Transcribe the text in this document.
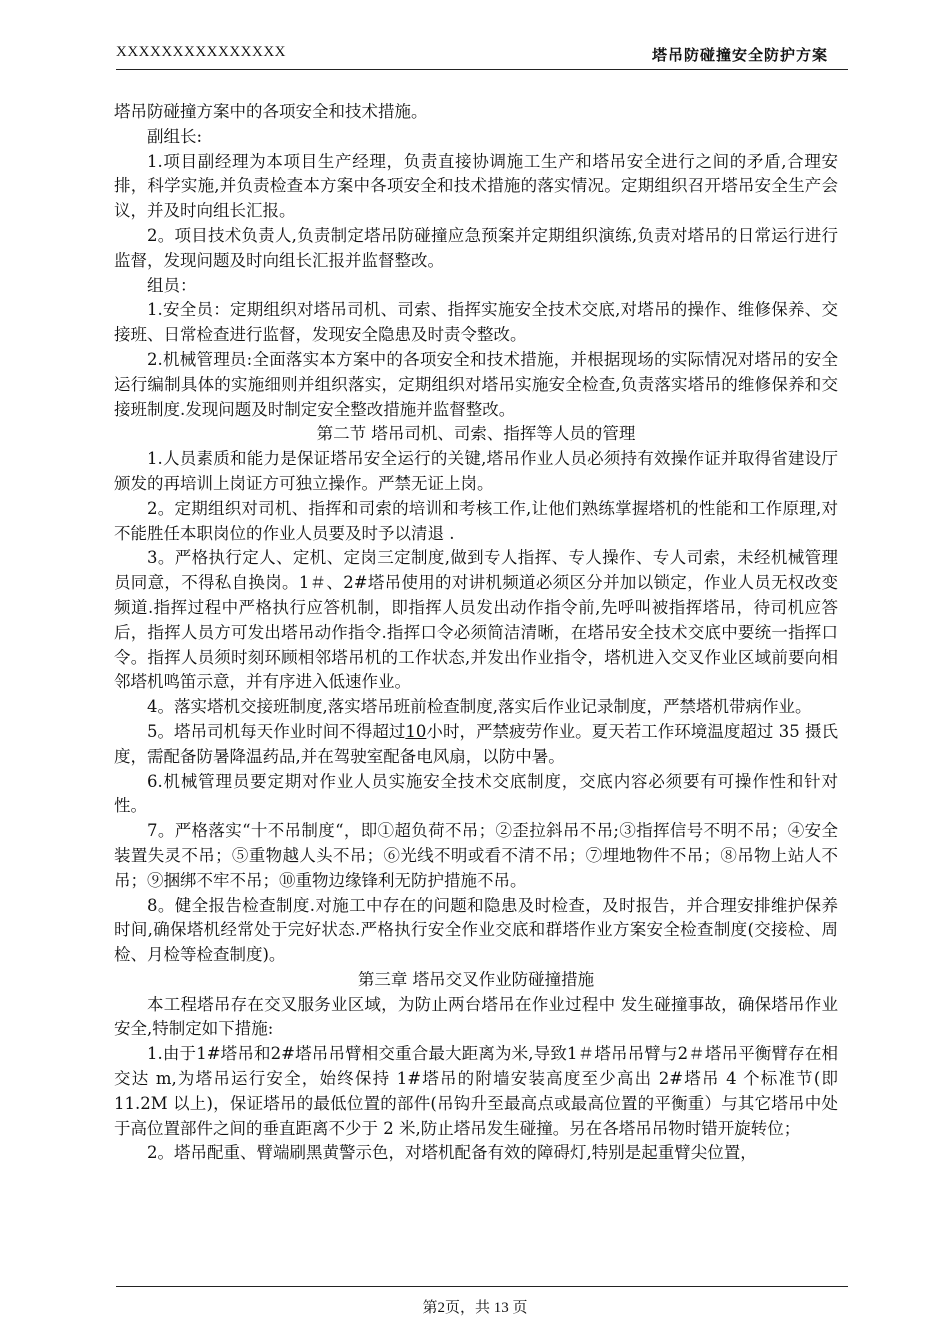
XXXXXXXXXXXXXXX	塔吊防碰撞安全防护方案

塔吊防碰撞方案中的各项安全和技术措施。

副组长:

1.项目副经理为本项目生产经理，负责直接协调施工生产和塔吊安全进行之间的矛盾,合理安排，科学实施,并负责检查本方案中各项安全和技术措施的落实情况。定期组织召开塔吊安全生产会议，并及时向组长汇报。

2。项目技术负责人,负责制定塔吊防碰撞应急预案并定期组织演练,负责对塔吊的日常运行进行监督，发现问题及时向组长汇报并监督整改。

组员：

1.安全员：定期组织对塔吊司机、司索、指挥实施安全技术交底,对塔吊的操作、维修保养、交接班、日常检查进行监督，发现安全隐患及时责令整改。

2.机械管理员:全面落实本方案中的各项安全和技术措施，并根据现场的实际情况对塔吊的安全运行编制具体的实施细则并组织落实，定期组织对塔吊实施安全检查,负责落实塔吊的维修保养和交接班制度.发现问题及时制定安全整改措施并监督整改。

第二节 塔吊司机、司索、指挥等人员的管理

1.人员素质和能力是保证塔吊安全运行的关键,塔吊作业人员必须持有效操作证并取得省建设厅颁发的再培训上岗证方可独立操作。严禁无证上岗。

2。定期组织对司机、指挥和司索的培训和考核工作,让他们熟练掌握塔机的性能和工作原理,对不能胜任本职岗位的作业人员要及时予以清退 .

3。严格执行定人、定机、定岗三定制度,做到专人指挥、专人操作、专人司索，未经机械管理员同意，不得私自换岗。1＃、2#塔吊使用的对讲机频道必须区分并加以锁定，作业人员无权改变频道.指挥过程中严格执行应答机制，即指挥人员发出动作指令前,先呼叫被指挥塔吊，待司机应答后，指挥人员方可发出塔吊动作指令.指挥口令必须简洁清晰，在塔吊安全技术交底中要统一指挥口令。指挥人员须时刻环顾相邻塔吊机的工作状态,并发出作业指令，塔机进入交叉作业区域前要向相邻塔机鸣笛示意，并有序进入低速作业。

4。落实塔机交接班制度,落实塔吊班前检查制度,落实后作业记录制度，严禁塔机带病作业。

5。塔吊司机每天作业时间不得超过10小时，严禁疲劳作业。夏天若工作环境温度超过 35 摄氏度，需配备防暑降温药品,并在驾驶室配备电风扇，以防中暑。

6.机械管理员要定期对作业人员实施安全技术交底制度，交底内容必须要有可操作性和针对性。

7。严格落实“十不吊制度“，即①超负荷不吊；②歪拉斜吊不吊;③指挥信号不明不吊；④安全装置失灵不吊；⑤重物越人头不吊；⑥光线不明或看不清不吊；⑦埋地物件不吊；⑧吊物上站人不吊；⑨捆绑不牢不吊；⑩重物边缘锋利无防护措施不吊。

8。健全报告检查制度.对施工中存在的问题和隐患及时检查，及时报告，并合理安排维护保养时间,确保塔机经常处于完好状态.严格执行安全作业交底和群塔作业方案安全检查制度(交接检、周检、月检等检查制度)。

第三章 塔吊交叉作业防碰撞措施

本工程塔吊存在交叉服务业区域，为防止两台塔吊在作业过程中 发生碰撞事故，确保塔吊作业安全,特制定如下措施:

1.由于1#塔吊和2#塔吊吊臂相交重合最大距离为米,导致1＃塔吊吊臂与2＃塔吊平衡臂存在相交达 m,为塔吊运行安全，始终保持 1#塔吊的附墙安装高度至少高出 2#塔吊 4 个标准节(即 11.2M 以上)，保证塔吊的最低位置的部件(吊钩升至最高点或最高位置的平衡重）与其它塔吊中处于高位置部件之间的垂直距离不少于 2 米,防止塔吊发生碰撞。另在各塔吊吊物时错开旋转位；

2。塔吊配重、臂端刷黑黄警示色，对塔机配备有效的障碍灯,特别是起重臂尖位置，

第2页，共 13 页
